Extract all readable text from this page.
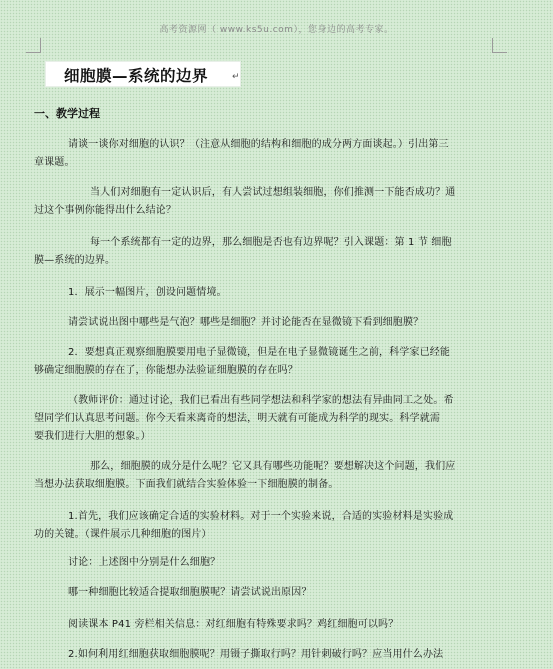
高考资源网（ www.ks5u.com），您身边的高考专家。
细胞膜—系统的边界	↵
一、教学过程
请谈一谈你对细胞的认识？（注意从细胞的结构和细胞的成分两方面谈起。）引出第三
章课题。
当人们对细胞有一定认识后，有人尝试过想组装细胞，你们推测一下能否成功？通
过这个事例你能得出什么结论？
每一个系统都有一定的边界，那么细胞是否也有边界呢？引入课题：第 1 节 细胞
膜—系统的边界。
1．展示一幅图片，创设问题情境。
请尝试说出图中哪些是气泡？哪些是细胞？并讨论能否在显微镜下看到细胞膜？
2．要想真正观察细胞膜要用电子显微镜，但是在电子显微镜诞生之前，科学家已经能
够确定细胞膜的存在了，你能想办法验证细胞膜的存在吗？
（教师评价：通过讨论，我们已看出有些同学想法和科学家的想法有异曲同工之处。希
望同学们认真思考问题。你今天看来离奇的想法，明天就有可能成为科学的现实。科学就需
要我们进行大胆的想象。）
那么，细胞膜的成分是什么呢？它又具有哪些功能呢？要想解决这个问题，我们应
当想办法获取细胞膜。下面我们就结合实验体验一下细胞膜的制备。
1.首先，我们应该确定合适的实验材料。对于一个实验来说，合适的实验材料是实验成
功的关键。（课件展示几种细胞的图片）
讨论：上述图中分别是什么细胞？
哪一种细胞比较适合提取细胞膜呢？请尝试说出原因？
阅读课本 P41 旁栏相关信息：对红细胞有特殊要求吗？鸡红细胞可以吗？
2.如何利用红细胞获取细胞膜呢？用镊子撕取行吗？用针刺破行吗？应当用什么办法
